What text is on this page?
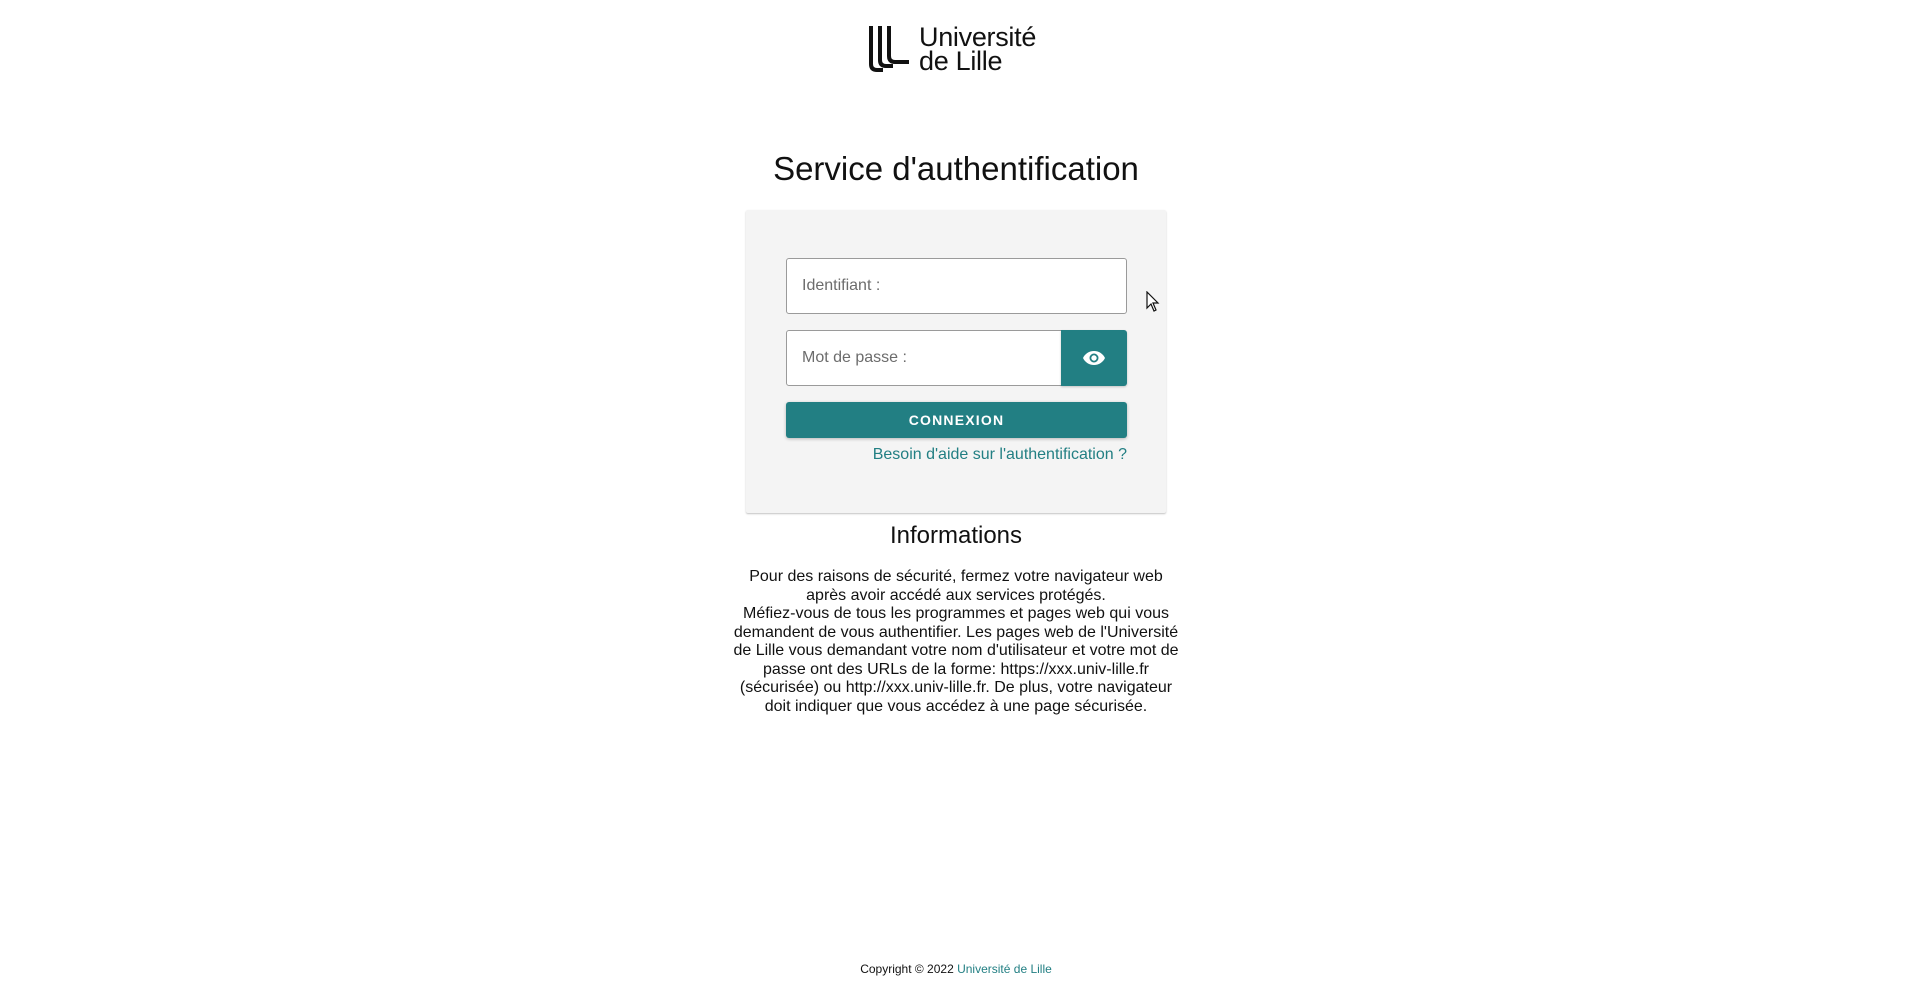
Université
de Lille
Service d'authentification
Identifiant :
CONNEXION
Besoin d'aide sur l'authentification ?
Informations

Pour des raisons de sécurité, fermez votre navigateur web après avoir accédé aux services protégés.

Méfiez-vous de tous les programmes et pages web qui vous demandent de vous authentifier. Les pages web de l'Université de Lille vous demandant votre nom d'utilisateur et votre mot de passe ont des URLs de la forme: https://xxx.univ-lille.fr (sécurisée) ou http://xxx.univ-lille.fr. De plus, votre navigateur doit indiquer que vous accédez à une page sécurisée.

Copyright © 2022 Université de Lille
